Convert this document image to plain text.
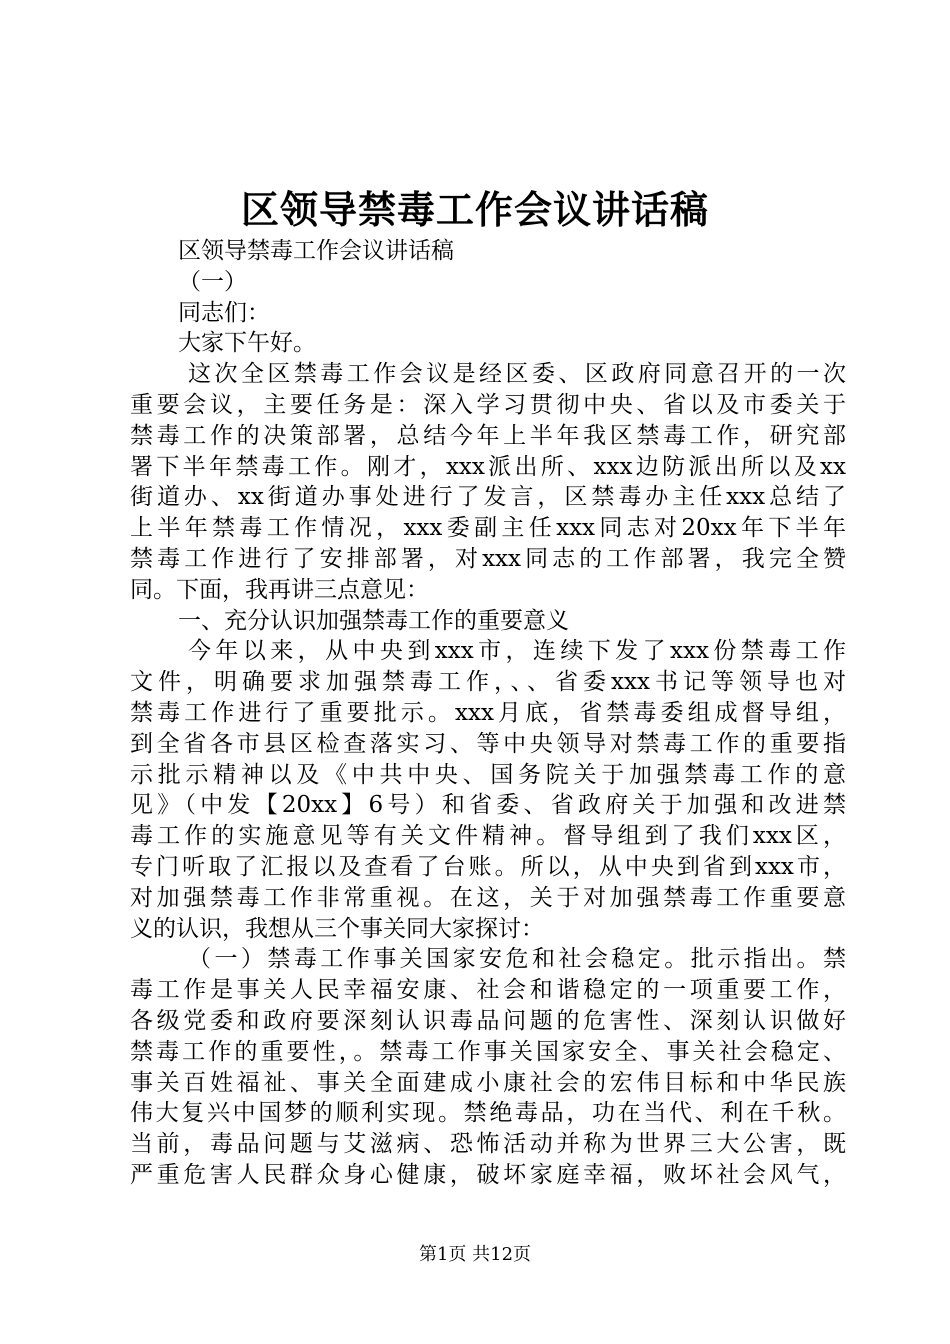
区领导禁毒工作会议讲话稿
区领导禁毒工作会议讲话稿
（一）
同志们：
大家下午好。
这次全区禁毒工作会议是经区委、区政府同意召开的一次
重要会议，主要任务是：深入学习贯彻中央、省以及市委关于
禁毒工作的决策部署，总结今年上半年我区禁毒工作，研究部
署下半年禁毒工作。刚才，xxx派出所、xxx边防派出所以及xx
街道办、xx街道办事处进行了发言，区禁毒办主任xxx总结了
上半年禁毒工作情况，xxx委副主任xxx同志对20xx年下半年
禁毒工作进行了安排部署，对xxx同志的工作部署，我完全赞
同。下面，我再讲三点意见：
一、充分认识加强禁毒工作的重要意义
今年以来，从中央到xxx市，连续下发了xxx份禁毒工作
文件，明确要求加强禁毒工作，、、省委xxx书记等领导也对
禁毒工作进行了重要批示。xxx月底，省禁毒委组成督导组，
到全省各市县区检查落实习、等中央领导对禁毒工作的重要指
示批示精神以及《中共中央、国务院关于加强禁毒工作的意
见》（中发【20xx】6号）和省委、省政府关于加强和改进禁
毒工作的实施意见等有关文件精神。督导组到了我们xxx区，
专门听取了汇报以及查看了台账。所以，从中央到省到xxx市，
对加强禁毒工作非常重视。在这，关于对加强禁毒工作重要意
义的认识，我想从三个事关同大家探讨：
（一）禁毒工作事关国家安危和社会稳定。批示指出。禁
毒工作是事关人民幸福安康、社会和谐稳定的一项重要工作，
各级党委和政府要深刻认识毒品问题的危害性、深刻认识做好
禁毒工作的重要性，。禁毒工作事关国家安全、事关社会稳定、
事关百姓福祉、事关全面建成小康社会的宏伟目标和中华民族
伟大复兴中国梦的顺利实现。禁绝毒品，功在当代、利在千秋。
当前，毒品问题与艾滋病、恐怖活动并称为世界三大公害，既
严重危害人民群众身心健康，破坏家庭幸福，败坏社会风气，
第1页 共12页
